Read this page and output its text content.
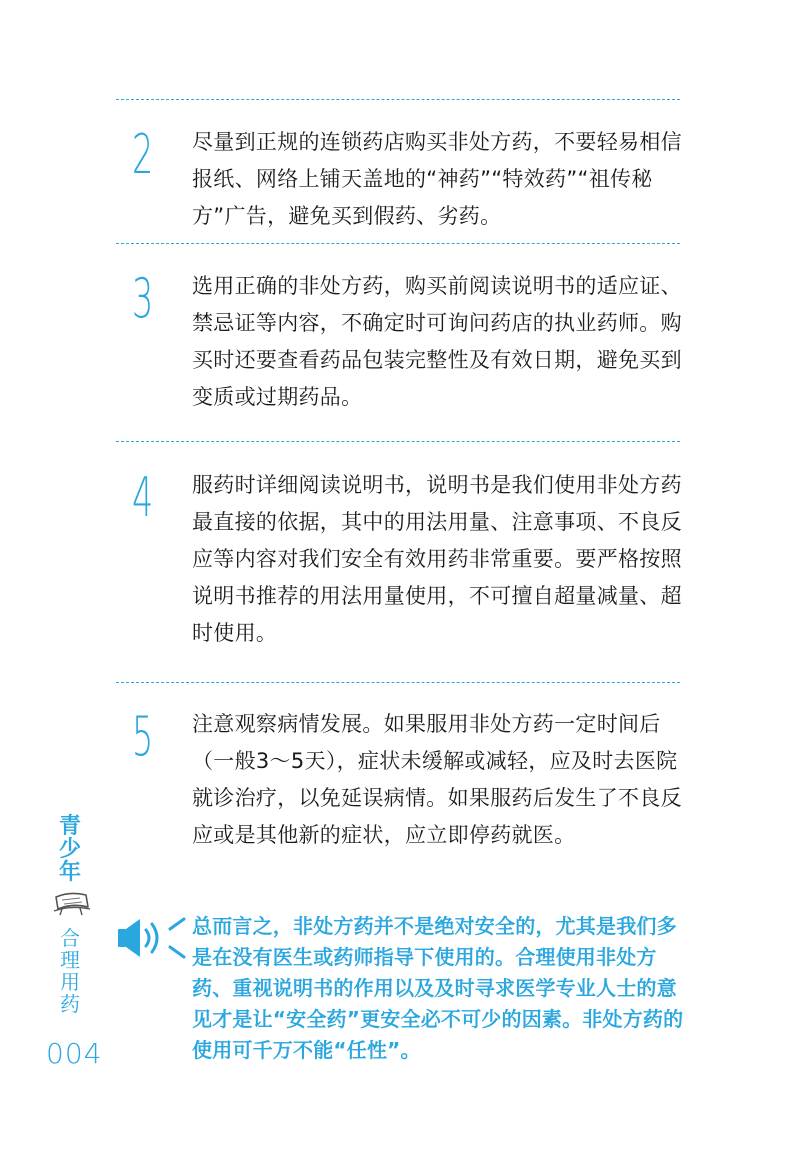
2 尽量到正规的连锁药店购买非处方药，不要轻易相信报纸、网络上铺天盖地的“神药”“特效药”“祖传秘方”广告，避免买到假药、劣药。
3 选用正确的非处方药，购买前阅读说明书的适应证、禁忌证等内容，不确定时可询问药店的执业药师。购买时还要查看药品包装完整性及有效日期，避免买到变质或过期药品。
4 服药时详细阅读说明书，说明书是我们使用非处方药最直接的依据，其中的用法用量、注意事项、不良反应等内容对我们安全有效用药非常重要。要严格按照说明书推荐的用法用量使用，不可擅自超量减量、超时使用。
5 注意观察病情发展。如果服用非处方药一定时间后（一般3～5天），症状未缓解或减轻，应及时去医院就诊治疗，以免延误病情。如果服药后发生了不良反应或是其他新的症状，应立即停药就医。
总而言之，非处方药并不是绝对安全的，尤其是我们多是在没有医生或药师指导下使用的。合理使用非处方药、重视说明书的作用以及及时寻求医学专业人士的意见才是让“安全药”更安全必不可少的因素。非处方药的使用可千万不能“任性”。
青
少
年
合
理
用
药
004
